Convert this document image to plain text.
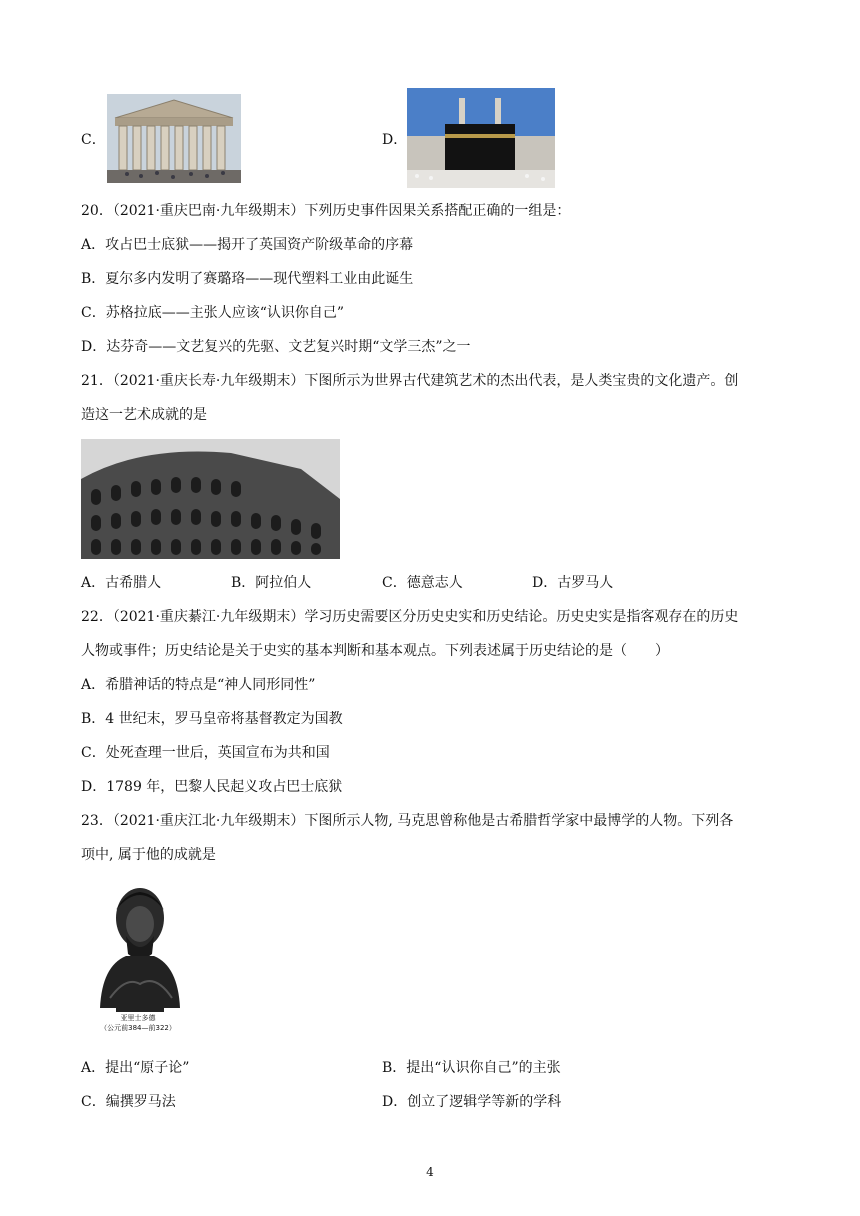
C．	D．
20．（2021·重庆巴南·九年级期末）下列历史事件因果关系搭配正确的一组是：
A．攻占巴士底狱——揭开了英国资产阶级革命的序幕
B．夏尔多内发明了赛璐珞——现代塑料工业由此诞生
C．苏格拉底——主张人应该“认识你自己”
D．达芬奇——文艺复兴的先驱、文艺复兴时期“文学三杰”之一
21．（2021·重庆长寿·九年级期末）下图所示为世界古代建筑艺术的杰出代表，是人类宝贵的文化遗产。创
造这一艺术成就的是
A．古希腊人	B．阿拉伯人	C．德意志人	D．古罗马人
22．（2021·重庆綦江·九年级期末）学习历史需要区分历史史实和历史结论。历史史实是指客观存在的历史
人物或事件；历史结论是关于史实的基本判断和基本观点。下列表述属于历史结论的是（　　）
A．希腊神话的特点是“神人同形同性”
B．4 世纪末，罗马皇帝将基督教定为国教
C．处死查理一世后，英国宣布为共和国
D．1789 年，巴黎人民起义攻占巴士底狱
23．（2021·重庆江北·九年级期末）下图所示人物, 马克思曾称他是古希腊哲学家中最博学的人物。下列各
项中, 属于他的成就是
亚里士多德
（公元前384—前322）
A．提出“原子论”	B．提出“认识你自己”的主张
C．编撰罗马法	D．创立了逻辑学等新的学科
4
